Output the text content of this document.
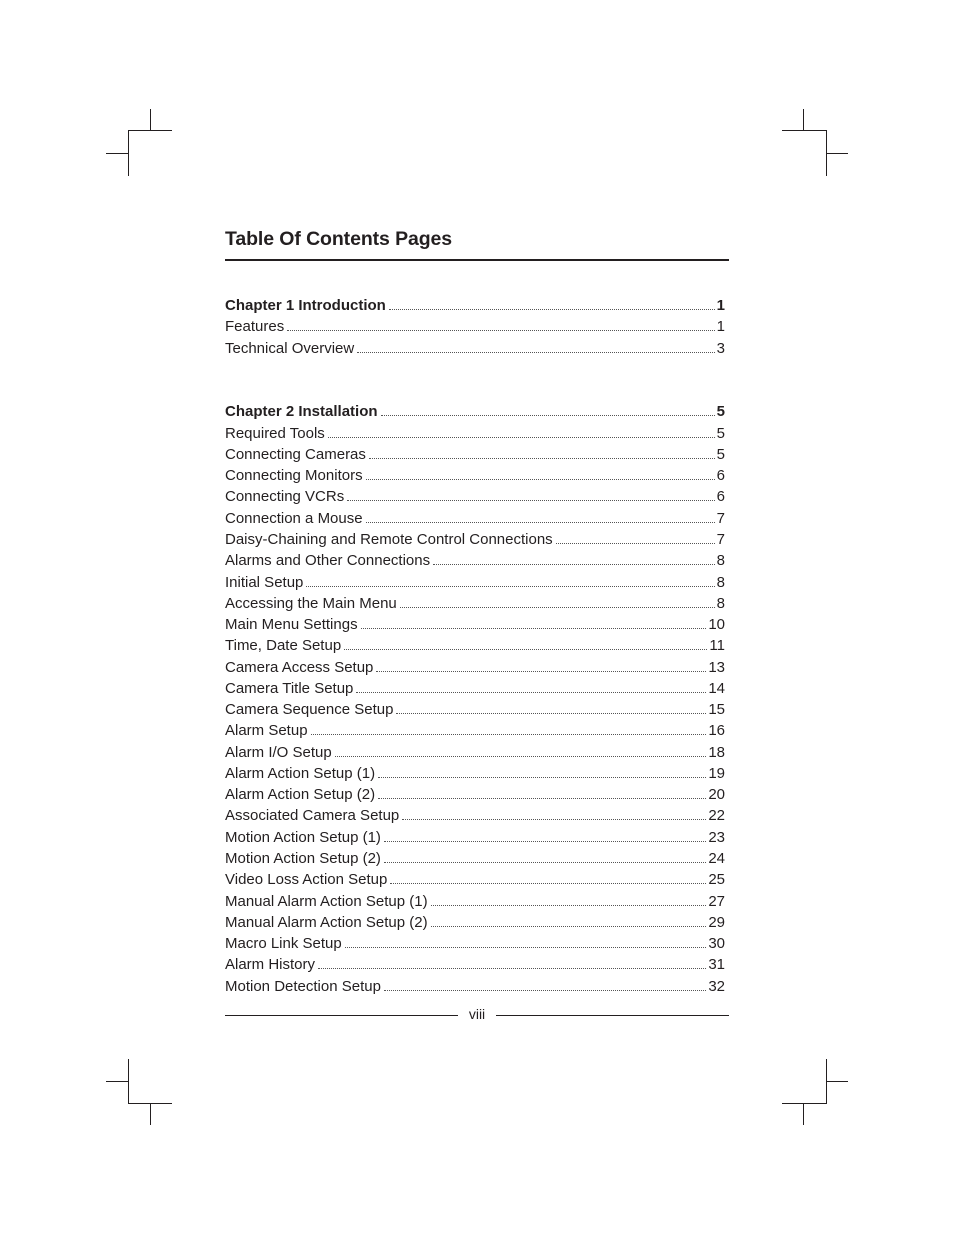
Table Of Contents Pages
Chapter 1 Introduction	1
Features	1
Technical Overview	3
Chapter 2 Installation	5
Required Tools	5
Connecting Cameras	5
Connecting Monitors	6
Connecting VCRs	6
Connection a Mouse	7
Daisy-Chaining and Remote Control Connections	7
Alarms and Other Connections	8
Initial Setup	8
Accessing the Main Menu	8
Main Menu Settings	10
Time, Date Setup	11
Camera Access Setup	13
Camera Title Setup	14
Camera Sequence Setup	15
Alarm Setup	16
Alarm I/O Setup	18
Alarm Action Setup (1)	19
Alarm Action Setup (2)	20
Associated Camera Setup	22
Motion Action Setup (1)	23
Motion Action Setup (2)	24
Video Loss Action Setup	25
Manual Alarm Action Setup (1)	27
Manual Alarm Action Setup (2)	29
Macro Link Setup	30
Alarm History	31
Motion Detection Setup	32
viii
